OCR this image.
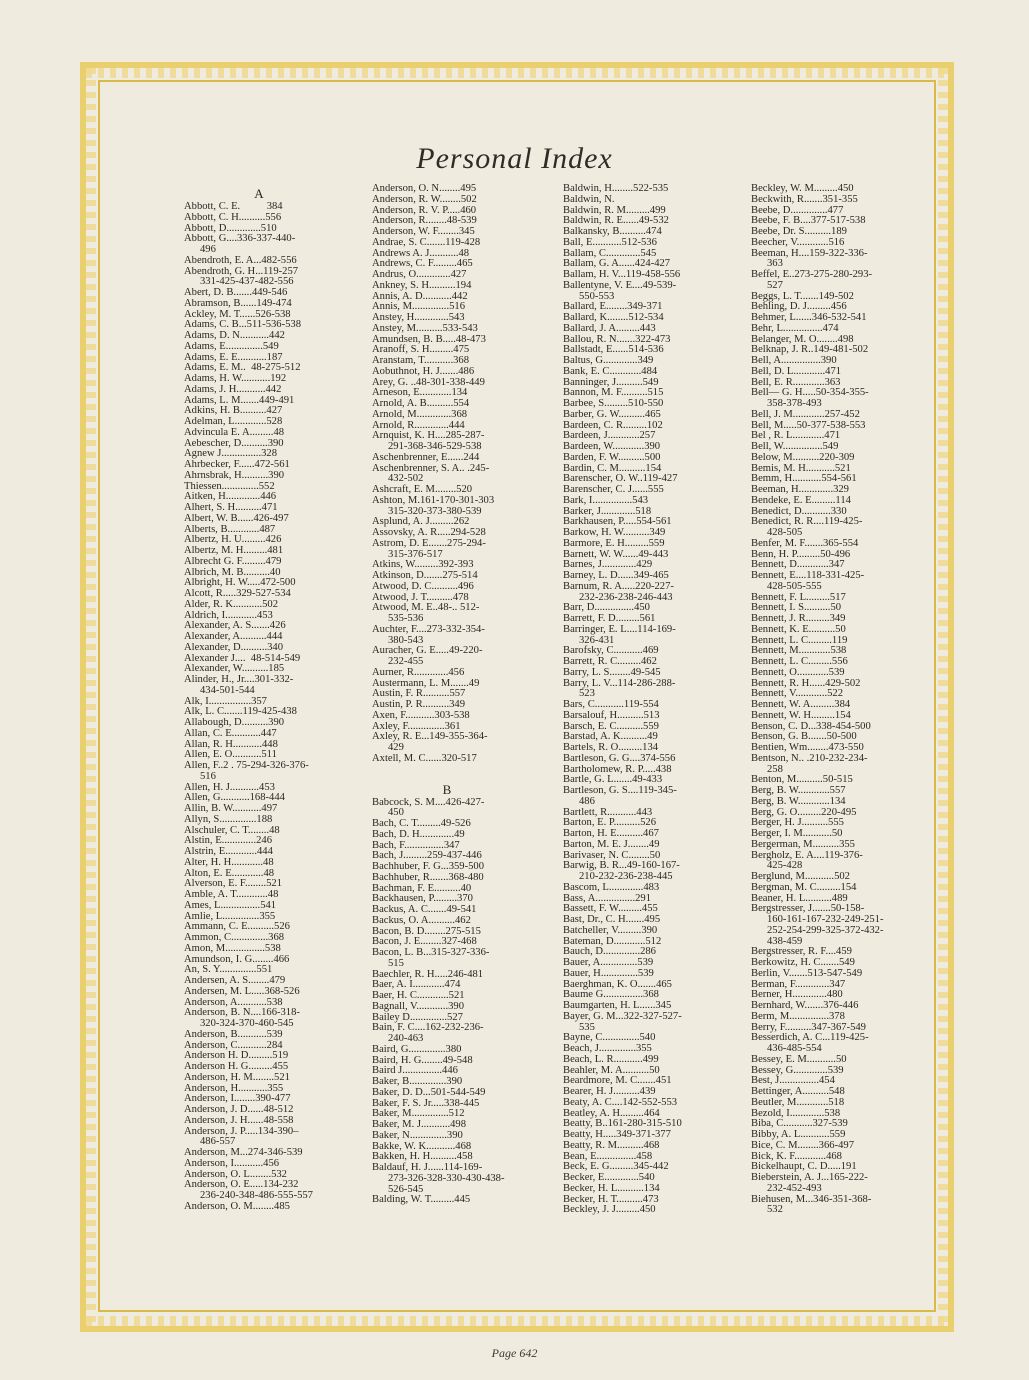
Personal Index
A
Abbott, C. E.          384
Abbott, C. H..........556
Abbott, D.............510
Abbott, G....336-337-440-
496
Abendroth, E. A...482-556
Abendroth, G. H...119-257
331-425-437-482-556
Abert, D. B.......449-546
Abramson, B......149-474
Ackley, M. T......526-538
Adams, C. B...511-536-538
Adams, D. N...........442
Adams, E..............549
Adams, E. E...........187
Adams, E. M..  48-275-512
Adams, H. W...........192
Adams, J. H...........442
Adams, L. M.......449-491
Adkins, H. B..........427
Adelman, L............528
Advincula E. A.........48
Aebescher, D..........390
Agnew J...............328
Ahrbecker, F......472-561
Ahrnsbrak, H..........390
Thiessen..............552
Aitken, H.............446
Alhert, S. H..........471
Albert, W. B......426-497
Alberts, B............487
Albertz, H. U.........426
Albertz, M. H.........481
Albrecht G. F.........479
Albrich, M. B..........40
Albright, H. W.....472-500
Alcott, R.....329-527-534
Alder, R. K...........502
Aldrich, I............453
Alexander, A. S.......426
Alexander, A..........444
Alexander, D..........340
Alexander J....  48-514-549
Alexander, W..........185
Alinder, H., Jr....301-332-
434-501-544
Alk, I................357
Alk, L. C.......119-425-438
Allabough, D..........390
Allan, C. E...........447
Allan, R. H...........448
Allen, E. O...........511
Allen, F..2 . 75-294-326-376-
516
Allen, H. J...........453
Allen, G...........168-444
Allin, B. W...........497
Allyn, S..............188
Alschuler, C. T........48
Alstin, E.............246
Alstrin, E............444
Alter, H. H............48
Alton, E. E............48
Alverson, E. F........521
Amble, A. T............48
Ames, L...............541
Amlie, L..............355
Ammann, C. E..........526
Ammon, C..............368
Amon, M...............538
Amundson, I. G........466
An, S. Y..............551
Andersen, A. S........479
Andersen, M. L.....368-526
Anderson, A...........538
Anderson, B. N....166-318-
320-324-370-460-545
Anderson, B...........539
Anderson, C...........284
Anderson H. D.........519
Anderson H. G.........455
Anderson, H. M........521
Anderson, H...........355
Anderson, I........390-477
Anderson, J. D......48-512
Anderson, J. H......48-558
Anderson, J. P.....134-390–
486-557
Anderson, M...274-346-539
Anderson, I...........456
Anderson, O. L........532
Anderson, O. E.....134-232
236-240-348-486-555-557
Anderson, O. M........485
Anderson, O. N........495
Anderson, R. W........502
Anderson, R. V. P.....460
Anderson, R........48-539
Anderson, W. F........345
Andrae, S. C.......119-428
Andrews A. J...........48
Andrews, C. F.........465
Andrus, O.............427
Ankney, S. H..........194
Annis, A. D...........442
Annis, M..............516
Anstey, H.............543
Anstey, M..........533-543
Amundsen, B. B.....48-473
Aranoff, S. H.........475
Aranstam, T...........368
Aobuthnot, H. J.......486
Arey, G. ..48-301-338-449
Arneson, E............134
Arnold, A. B..........554
Arnold, M.............368
Arnold, R.............444
Arnquist, K. H....285-287-
291-368-346-529-538
Aschenbrenner, E......244
Aschenbrenner, S. A.. .245-
432-502
Ashcraft, E. M........520
Ashton, M.161-170-301-303
315-320-373-380-539
Asplund, A. J.........262
Assovsky, A. R.....294-528
Astrom, D. E.......275-294-
315-376-517
Atkins, W.........392-393
Atkinson, D.......275-514
Atwood, D. C..........496
Atwood, J. T..........478
Atwood, M. E..48-.. 512-
535-536
Auchter, F....273-332-354-
380-543
Auracher, G. E.....49-220-
232-455
Aurner, R.............456
Austermann, L. M.......49
Austin, F. R..........557
Austin, P. R..........349
Axen, F...........303-538
Axley, F..............361
Axley, R. E...149-355-364-
429
Axtell, M. C......320-517
B
Babcock, S. M....426-427-
450
Bach, C. T.........49-526
Bach, D. H.............49
Bach, F...............347
Bach, J.........259-437-446
Bachhuber, F. G...359-500
Bachhuber, R.......368-480
Bachman, F. E..........40
Backhausen, P.........370
Backus, A. C.......49-541
Backus, O. A..........462
Bacon, B. D........275-515
Bacon, J. E........327-468
Bacon, L. B...315-327-336-
515
Baechler, R. H.....246-481
Baer, A. I............474
Baer, H. C............521
Bagnall, V............390
Bailey D..............527
Bain, F. C....162-232-236-
240-463
Baird, G..............380
Baird, H. G........49-548
Baird J...............446
Baker, B..............390
Baker, D. D...501-544-549
Baker, F. S. Jr.....338-445
Baker, M..............512
Baker, M. J...........498
Baker, N..............390
Bakke, W. K...........468
Bakken, H. H..........458
Baldauf, H. J......114-169-
273-326-328-330-430-438-
526-545
Balding, W. T.........445
Baldwin, H........522-535
Baldwin, N.
Baldwin, R. M.........499
Baldwin, R. E......49-532
Balkansky, B..........474
Ball, E...........512-536
Ballam, C.............545
Ballam, G. A......424-427
Ballam, H. V...119-458-556
Ballentyne, V. E....49-539-
550-553
Ballard, E........349-371
Ballard, K........512-534
Ballard, J. A.........443
Ballou, R. N.......322-473
Ballstadt, E......514-536
Baltus, G.............349
Bank, E. C............484
Banninger, J..........549
Bannon, M. F..........515
Barbee, S.........510-550
Barber, G. W..........465
Bardeen, C. R.........102
Bardeen, J............257
Bardeen, W............390
Barden, F. W..........500
Bardin, C. M..........154
Barenscher, O. W..119-427
Barenscher, C. J......555
Bark, I...............543
Barker, J.............518
Barkhausen, P.....554-561
Barkow, H. W..........349
Barmore, E. H.........559
Barnett, W. W......49-443
Barnes, J.............429
Barney, L. D......349-465
Barnum, R. A.....220-227-
232-236-238-246-443
Barr, D...............450
Barrett, F. D.........561
Barringer, E. L....114-169-
326-431
Barofsky, C...........469
Barrett, R. C.........462
Barry, L. S........49-545
Barry, L. V...114-286-288-
523
Bars, C...........119-554
Barsalouf, H..........513
Barsch, E. C..........559
Barstad, A. K..........49
Bartels, R. O.........134
Bartleson, G. G....374-556
Bartholomew, R. P.....438
Bartle, G. L.......49-433
Bartleson, G. S....119-345-
486
Bartlett, R...........443
Barton, E. P..........526
Barton, H. E..........467
Barton, M. E. J........49
Barivaser, N. C........50
Barwig, B. R...49-160-167-
210-232-236-238-445
Bascom, L.............483
Bass, A...............291
Bassett, F. W.........455
Bast, Dr., C. H.......495
Batcheller, V.........390
Bateman, D............512
Bauch, D..............286
Bauer, A..............539
Bauer, H..............539
Baerghman, K. O.......465
Baume G...............368
Baumgarten, H. L......345
Bayer, G. M...322-327-527-
535
Bayne, C..............540
Beach, J..............355
Beach, L. R...........499
Beahler, M. A..........50
Beardmore, M. C.......451
Bearer, H. J..........439
Beaty, A. C....142-552-553
Beatley, A. H.........464
Beatty, B..161-280-315-510
Beatty, H.....349-371-377
Beatty, R. M..........468
Bean, E...............458
Beck, E. G.........345-442
Becker, E.............540
Becker, H. L..........134
Becker, H. T..........473
Beckley, J. J.........450
Beckley, W. M.........450
Beckwith, R.......351-355
Beebe, D..............477
Beebe, F. B....377-517-538
Beebe, Dr. S..........189
Beecher, V............516
Beeman, H....159-322-336-
363
Beffel, E..273-275-280-293-
527
Beggs, L. T.......149-502
Behling, D. J.........456
Behmer, L......346-532-541
Behr, L...............474
Belanger, M. O........498
Belknap, J. R..149-481-502
Bell, A...............390
Bell, D. L............471
Bell, E. R............363
Bell— G. H.....50-354-355-
358-378-493
Bell, J. M............257-452
Bell, M.....50-377-538-553
Bel , R. L............471
Bell, W...............549
Below, M..........220-309
Bemis, M. H...........521
Bemm, H...........554-561
Beeman, H.............329
Bendeke, E. E.........114
Benedict, D...........330
Benedict, R. R....119-425-
428-505
Benfer, M. F.......365-554
Benn, H. P.........50-496
Bennett, D............347
Bennett, E....118-331-425-
428-505-555
Bennett, F. L.........517
Bennett, I. S..........50
Bennett, J. R.........349
Bennett, K. E..........50
Bennett, L. C.........119
Bennett, M............538
Bennett, L. C.........556
Bennett, O............539
Bennett, R. H......429-502
Bennett, V............522
Bennett, W. A.........384
Bennett, W. H.........154
Benson, C. D...338-454-500
Benson, G. B.......50-500
Bentien, Wm........473-550
Bentson, N.. .210-232-234-
258
Benton, M..........50-515
Berg, B. W............557
Berg, B. W............134
Berg, G. O.........220-495
Berger, H. J..........555
Berger, I. M...........50
Bergerman, M..........355
Bergholz, E. A....119-376-
425-428
Berglund, M...........502
Bergman, M. C.........154
Beaner, H. L..........489
Bergstresser, J.......50-158-
160-161-167-232-249-251-
252-254-299-325-372-432-
438-459
Bergstresser, R. F....459
Berkowitz, H. C.......549
Berlin, V.......513-547-549
Berman, F.............347
Berner, H.............480
Bernhard, W.......376-446
Berm, M...............378
Berry, F..........347-367-549
Besserdich, A. C...119-425-
436-485-554
Bessey, E. M...........50
Bessey, G.............539
Best, J...............454
Bettinger, A..........548
Beutler, M............518
Bezold, I.............538
Biba, C...........327-539
Bibby, A. L...........559
Bice, C. M........366-497
Bick, K. F............468
Bickelhaupt, C. D.....191
Bieberstein, A. J...165-222-
232-452-493
Biehusen, M...346-351-368-
532
Page 642
